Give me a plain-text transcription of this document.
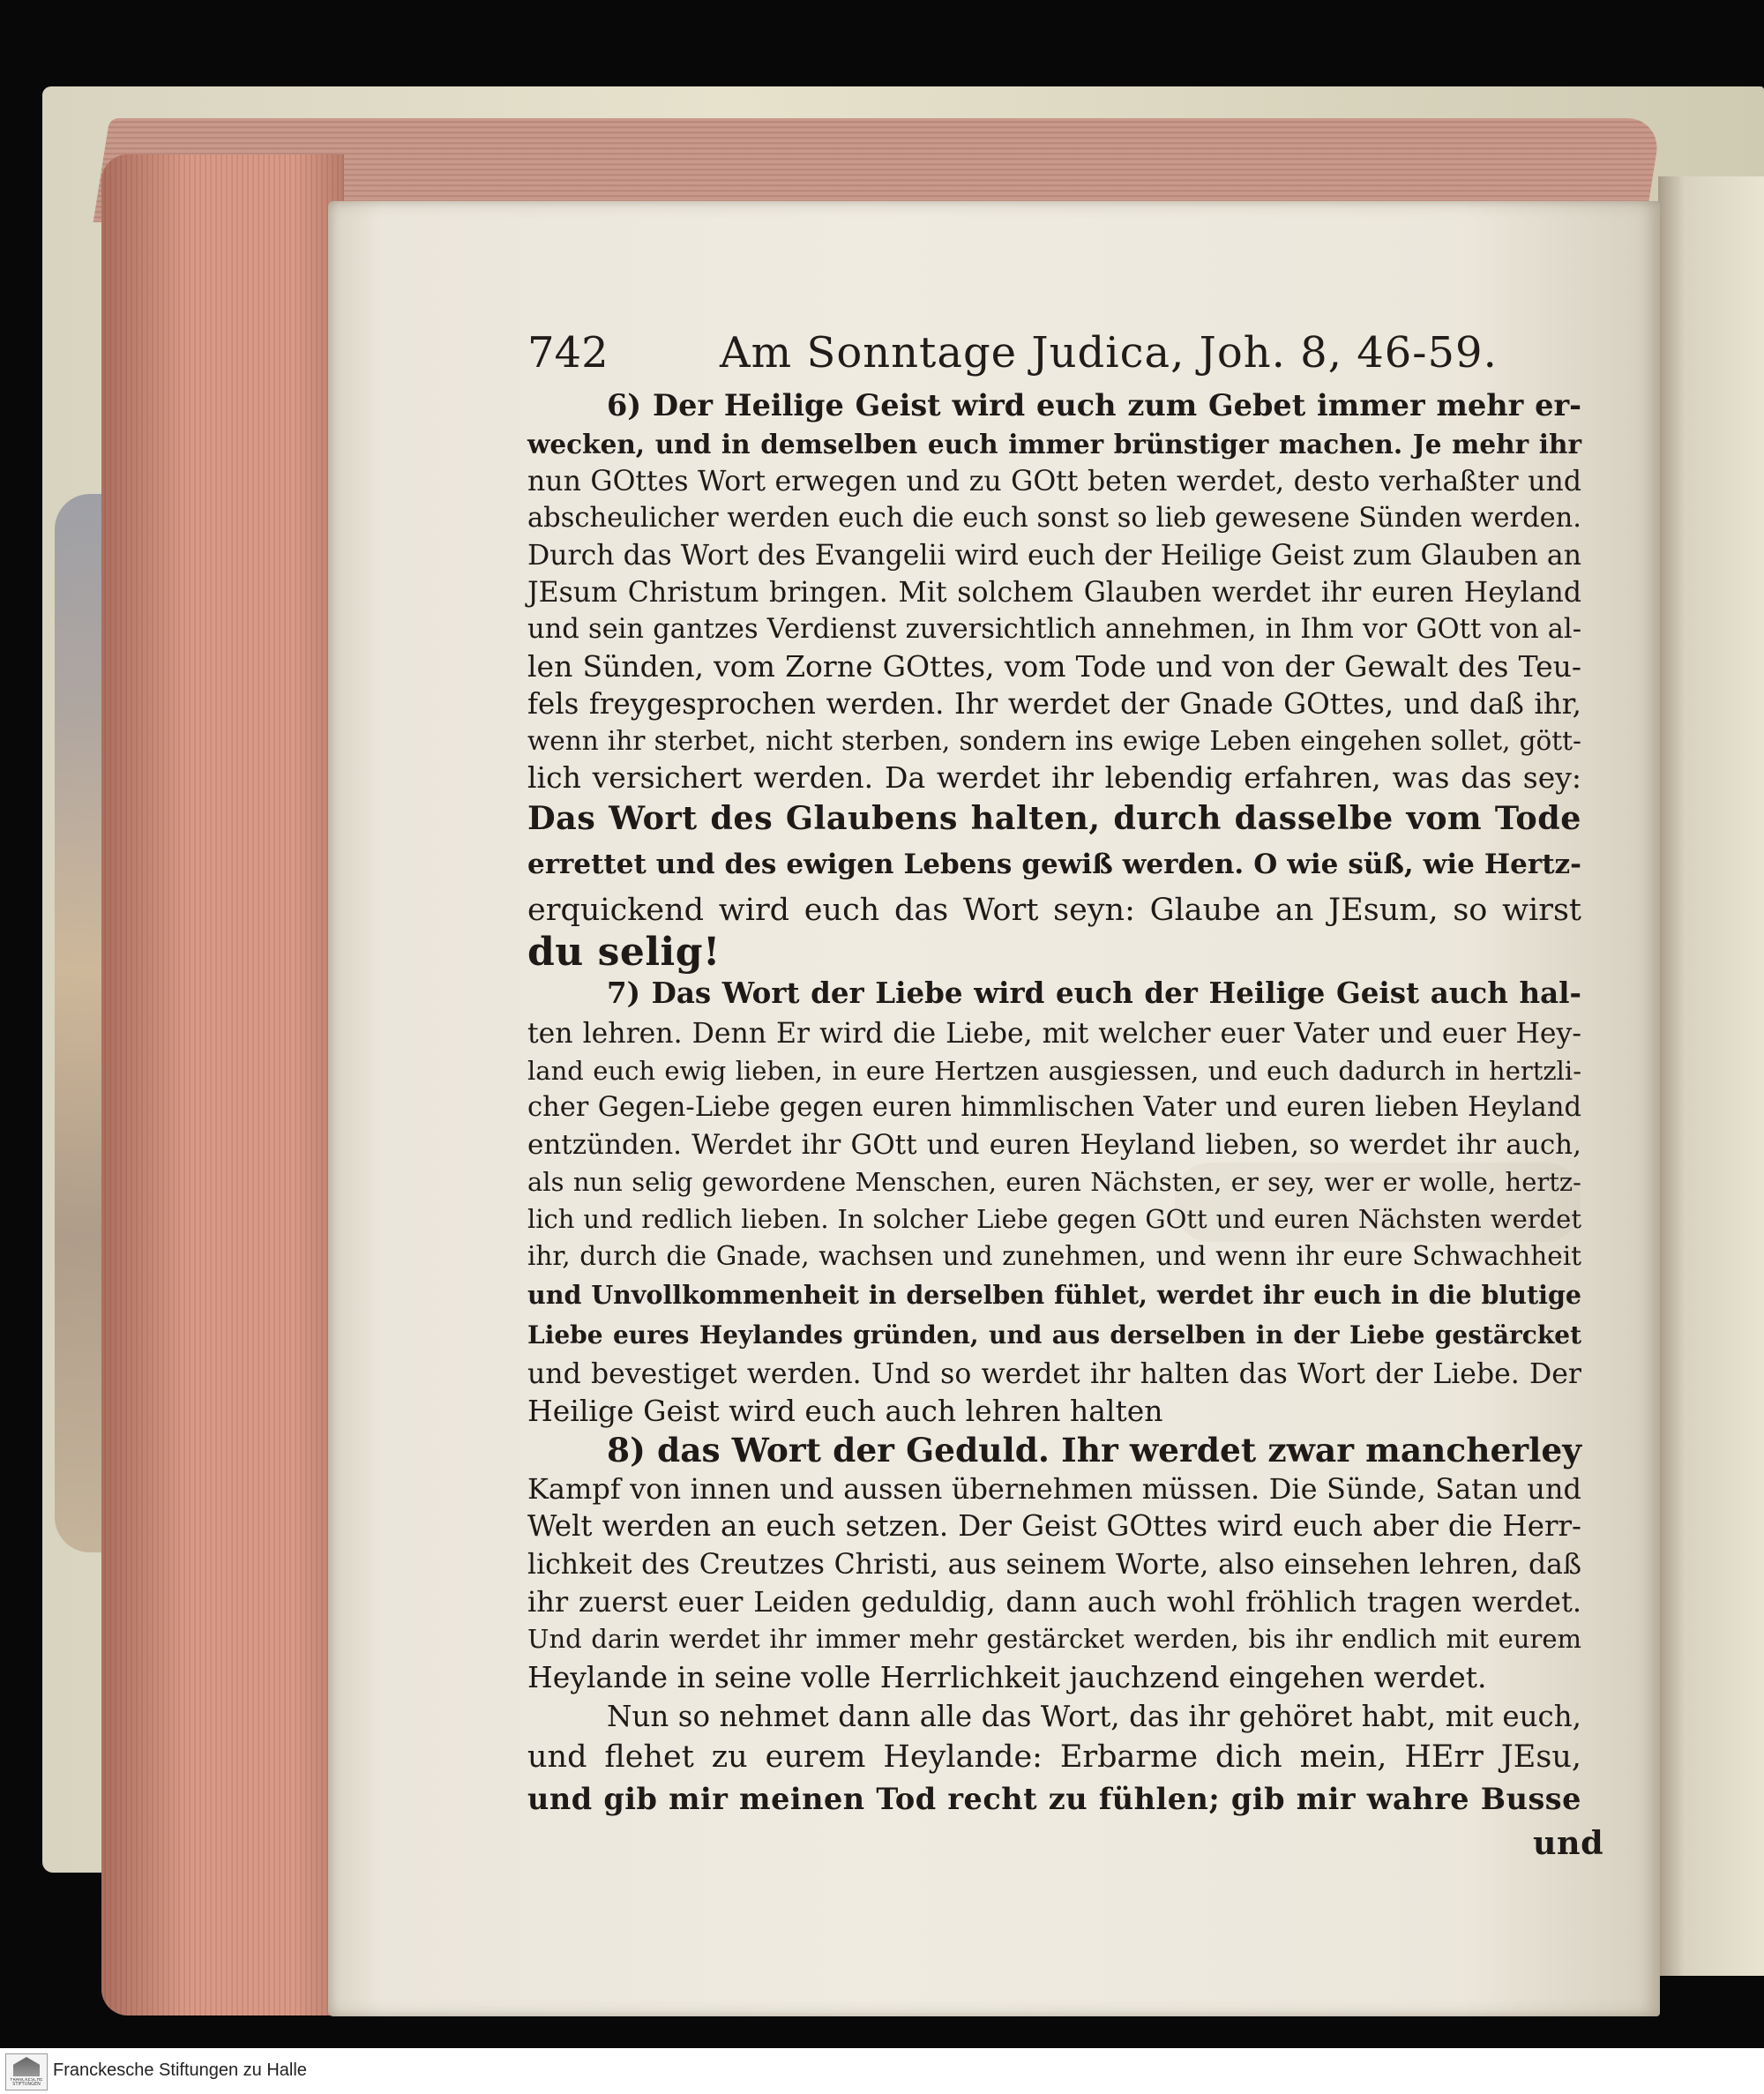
742	Am Sonntage Judica, Joh. 8, 46-59.
6) Der Heilige Geist wird euch zum Gebet immer mehr er-
wecken, und in demselben euch immer brünstiger machen. Je mehr ihr
nun GOttes Wort erwegen und zu GOtt beten werdet, desto verhaßter und
abscheulicher werden euch die euch sonst so lieb gewesene Sünden werden.
Durch das Wort des Evangelii wird euch der Heilige Geist zum Glauben an
JEsum Christum bringen. Mit solchem Glauben werdet ihr euren Heyland
und sein gantzes Verdienst zuversichtlich annehmen, in Ihm vor GOtt von al-
len Sünden, vom Zorne GOttes, vom Tode und von der Gewalt des Teu-
fels freygesprochen werden. Ihr werdet der Gnade GOttes, und daß ihr,
wenn ihr sterbet, nicht sterben, sondern ins ewige Leben eingehen sollet, gött-
lich versichert werden. Da werdet ihr lebendig erfahren, was das sey:
Das Wort des Glaubens halten, durch dasselbe vom Tode
errettet und des ewigen Lebens gewiß werden. O wie süß, wie Hertz-
erquickend wird euch das Wort seyn: Glaube an JEsum, so wirst
du selig!
7) Das Wort der Liebe wird euch der Heilige Geist auch hal-
ten lehren. Denn Er wird die Liebe, mit welcher euer Vater und euer Hey-
land euch ewig lieben, in eure Hertzen ausgiessen, und euch dadurch in hertzli-
cher Gegen-Liebe gegen euren himmlischen Vater und euren lieben Heyland
entzünden. Werdet ihr GOtt und euren Heyland lieben, so werdet ihr auch,
als nun selig gewordene Menschen, euren Nächsten, er sey, wer er wolle, hertz-
lich und redlich lieben. In solcher Liebe gegen GOtt und euren Nächsten werdet
ihr, durch die Gnade, wachsen und zunehmen, und wenn ihr eure Schwachheit
und Unvollkommenheit in derselben fühlet, werdet ihr euch in die blutige
Liebe eures Heylandes gründen, und aus derselben in der Liebe gestärcket
und bevestiget werden. Und so werdet ihr halten das Wort der Liebe. Der
Heilige Geist wird euch auch lehren halten
8) das Wort der Geduld. Ihr werdet zwar mancherley
Kampf von innen und aussen übernehmen müssen. Die Sünde, Satan und
Welt werden an euch setzen. Der Geist GOttes wird euch aber die Herr-
lichkeit des Creutzes Christi, aus seinem Worte, also einsehen lehren, daß
ihr zuerst euer Leiden geduldig, dann auch wohl fröhlich tragen werdet.
Und darin werdet ihr immer mehr gestärcket werden, bis ihr endlich mit eurem
Heylande in seine volle Herrlichkeit jauchzend eingehen werdet.
Nun so nehmet dann alle das Wort, das ihr gehöret habt, mit euch,
und flehet zu eurem Heylande: Erbarme dich mein, HErr JEsu,
und gib mir meinen Tod recht zu fühlen; gib mir wahre Busse
und
FRANCKESCHE STIFTUNGEN
Franckesche Stiftungen zu Halle
